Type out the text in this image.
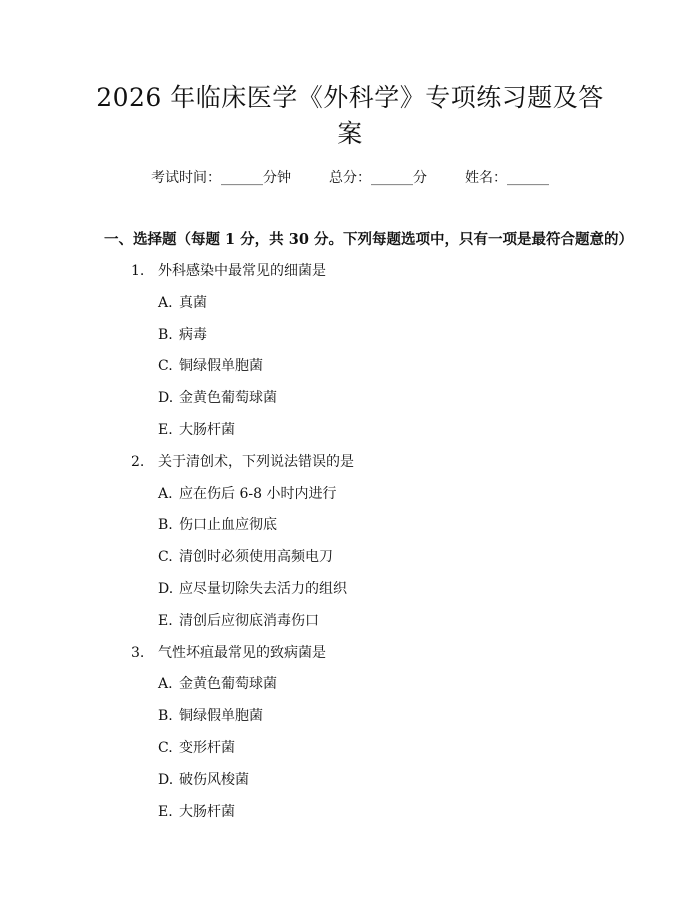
2026 年临床医学《外科学》专项练习题及答
案
考试时间：______分钟	总分：______分	姓名：______
一、选择题（每题 1 分，共 30 分。下列每题选项中，只有一项是最符合题意的）
1. 外科感染中最常见的细菌是
A. 真菌
B. 病毒
C. 铜绿假单胞菌
D. 金黄色葡萄球菌
E. 大肠杆菌
2. 关于清创术，下列说法错误的是
A. 应在伤后 6-8 小时内进行
B. 伤口止血应彻底
C. 清创时必须使用高频电刀
D. 应尽量切除失去活力的组织
E. 清创后应彻底消毒伤口
3. 气性坏疽最常见的致病菌是
A. 金黄色葡萄球菌
B. 铜绿假单胞菌
C. 变形杆菌
D. 破伤风梭菌
E. 大肠杆菌
